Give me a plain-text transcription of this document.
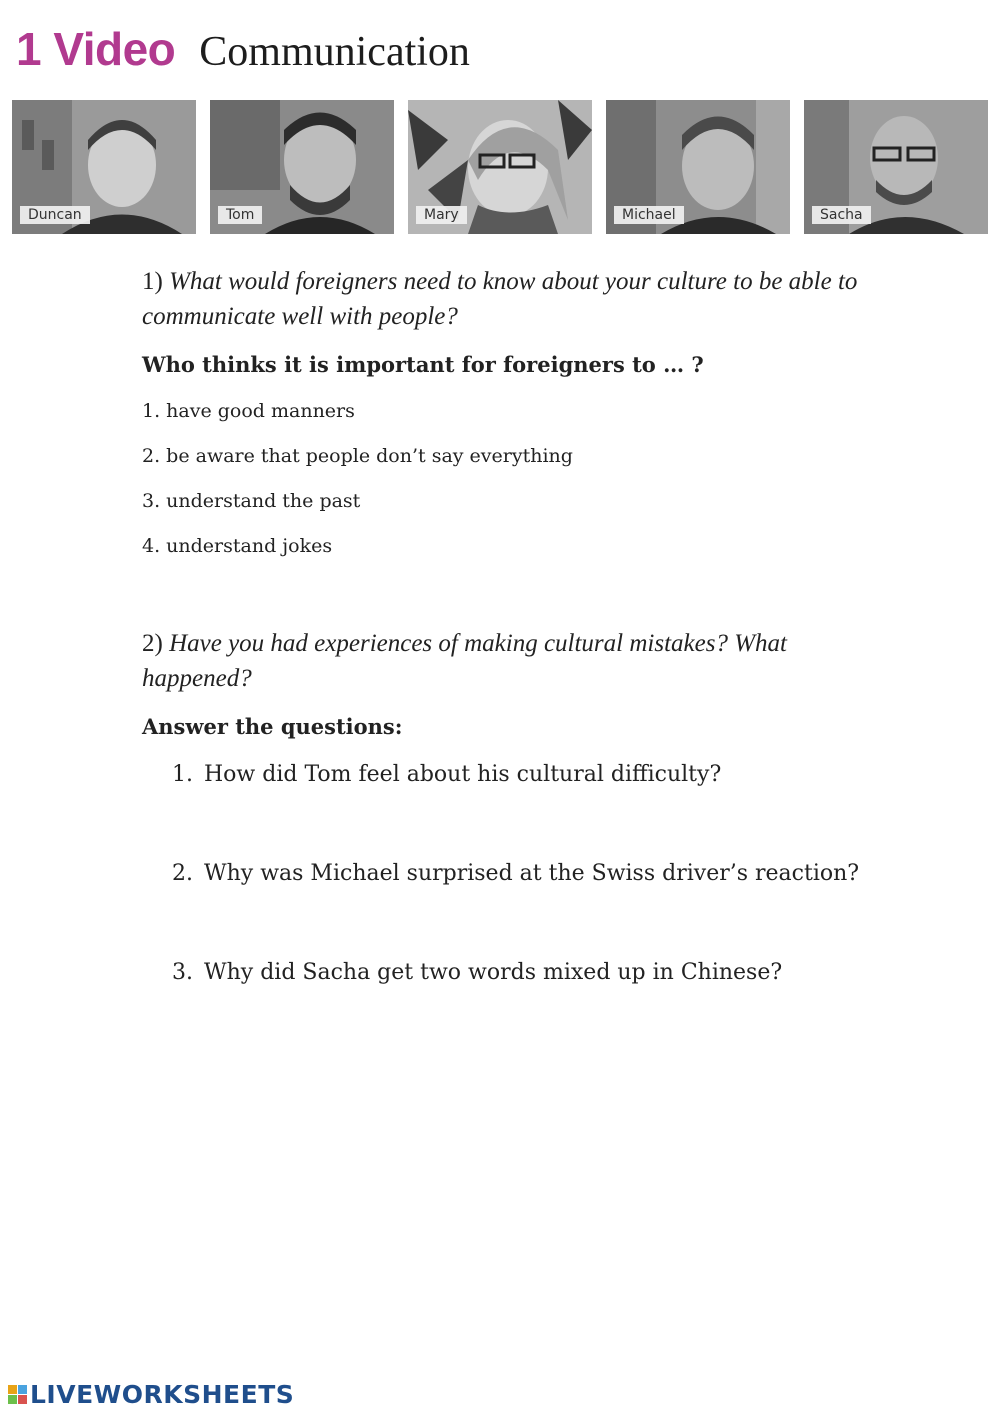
1 Video Communication
Duncan	Tom	Mary	Michael	Sacha
1) What would foreigners need to know about your culture to be able to
communicate well with people?
Who thinks it is important for foreigners to … ?
1. have good manners
2. be aware that people don’t say everything
3. understand the past
4. understand jokes
2) Have you had experiences of making cultural mistakes? What
happened?
Answer the questions:
1. How did Tom feel about his cultural difficulty?
2. Why was Michael surprised at the Swiss driver’s reaction?
3. Why did Sacha get two words mixed up in Chinese?
LIVEWORKSHEETS
